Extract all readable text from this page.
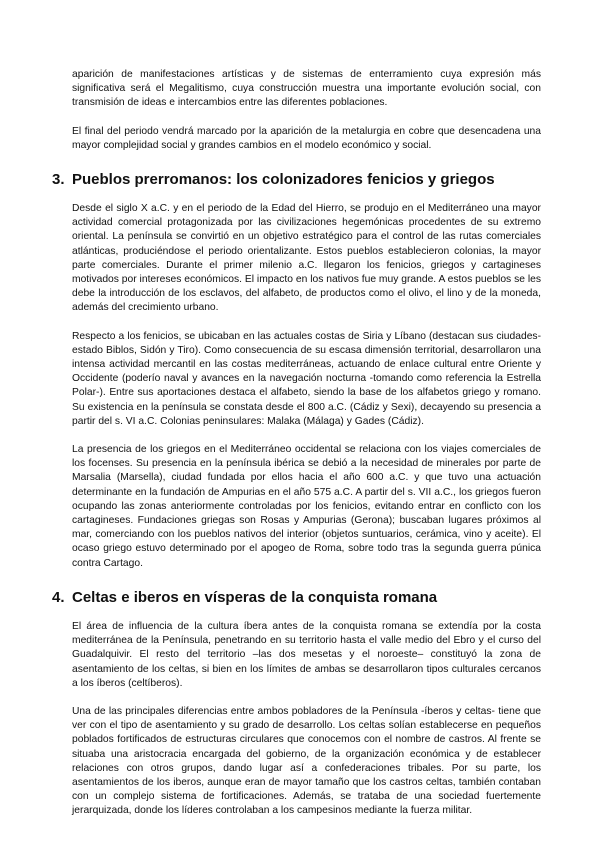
aparición de manifestaciones artísticas y de sistemas de enterramiento cuya expresión más significativa será el Megalitismo, cuya construcción muestra una importante evolución social, con transmisión de ideas e intercambios entre las diferentes poblaciones.

El final del periodo vendrá marcado por la aparición de la metalurgia en cobre que desencadena una mayor complejidad social y grandes cambios en el modelo económico y social.

3. Pueblos prerromanos: los colonizadores fenicios y griegos

Desde el siglo X a.C. y en el periodo de la Edad del Hierro, se produjo en el Mediterráneo una mayor actividad comercial protagonizada por las civilizaciones hegemónicas procedentes de su extremo oriental. La península se convirtió en un objetivo estratégico para el control de las rutas comerciales atlánticas, produciéndose el periodo orientalizante. Estos pueblos establecieron colonias, la mayor parte comerciales. Durante el primer milenio a.C. llegaron los fenicios, griegos y cartagineses motivados por intereses económicos. El impacto en los nativos fue muy grande. A estos pueblos se les debe la introducción de los esclavos, del alfabeto, de productos como el olivo, el lino y de la moneda, además del crecimiento urbano.

Respecto a los fenicios, se ubicaban en las actuales costas de Siria y Líbano (destacan sus ciudades-estado Biblos, Sidón y Tiro). Como consecuencia de su escasa dimensión territorial, desarrollaron una intensa actividad mercantil en las costas mediterráneas, actuando de enlace cultural entre Oriente y Occidente (poderío naval y avances en la navegación nocturna -tomando como referencia la Estrella Polar-). Entre sus aportaciones destaca el alfabeto, siendo la base de los alfabetos griego y romano. Su existencia en la península se constata desde el 800 a.C. (Cádiz y Sexi), decayendo su presencia a partir del s. VI a.C. Colonias peninsulares: Malaka (Málaga) y Gades (Cádiz).

La presencia de los griegos en el Mediterráneo occidental se relaciona con los viajes comerciales de los focenses. Su presencia en la península ibérica se debió a la necesidad de minerales por parte de Marsalia (Marsella), ciudad fundada por ellos hacia el año 600 a.C. y que tuvo una actuación determinante en la fundación de Ampurias en el año 575 a.C. A partir del s. VII a.C., los griegos fueron ocupando las zonas anteriormente controladas por los fenicios, evitando entrar en conflicto con los cartagineses. Fundaciones griegas son Rosas y Ampurias (Gerona); buscaban lugares próximos al mar, comerciando con los pueblos nativos del interior (objetos suntuarios, cerámica, vino y aceite). El ocaso griego estuvo determinado por el apogeo de Roma, sobre todo tras la segunda guerra púnica contra Cartago.

4. Celtas e iberos en vísperas de la conquista romana

El área de influencia de la cultura íbera antes de la conquista romana se extendía por la costa mediterránea de la Península, penetrando en su territorio hasta el valle medio del Ebro y el curso del Guadalquivir. El resto del territorio –las dos mesetas y el noroeste– constituyó la zona de asentamiento de los celtas, si bien en los límites de ambas se desarrollaron tipos culturales cercanos a los íberos (celtíberos).

Una de las principales diferencias entre ambos pobladores de la Península -íberos y celtas- tiene que ver con el tipo de asentamiento y su grado de desarrollo. Los celtas solían establecerse en pequeños poblados fortificados de estructuras circulares que conocemos con el nombre de castros. Al frente se situaba una aristocracia encargada del gobierno, de la organización económica y de establecer relaciones con otros grupos, dando lugar así a confederaciones tribales. Por su parte, los asentamientos de los iberos, aunque eran de mayor tamaño que los castros celtas, también contaban con un complejo sistema de fortificaciones. Además, se trataba de una sociedad fuertemente jerarquizada, donde los líderes controlaban a los campesinos mediante la fuerza militar.
